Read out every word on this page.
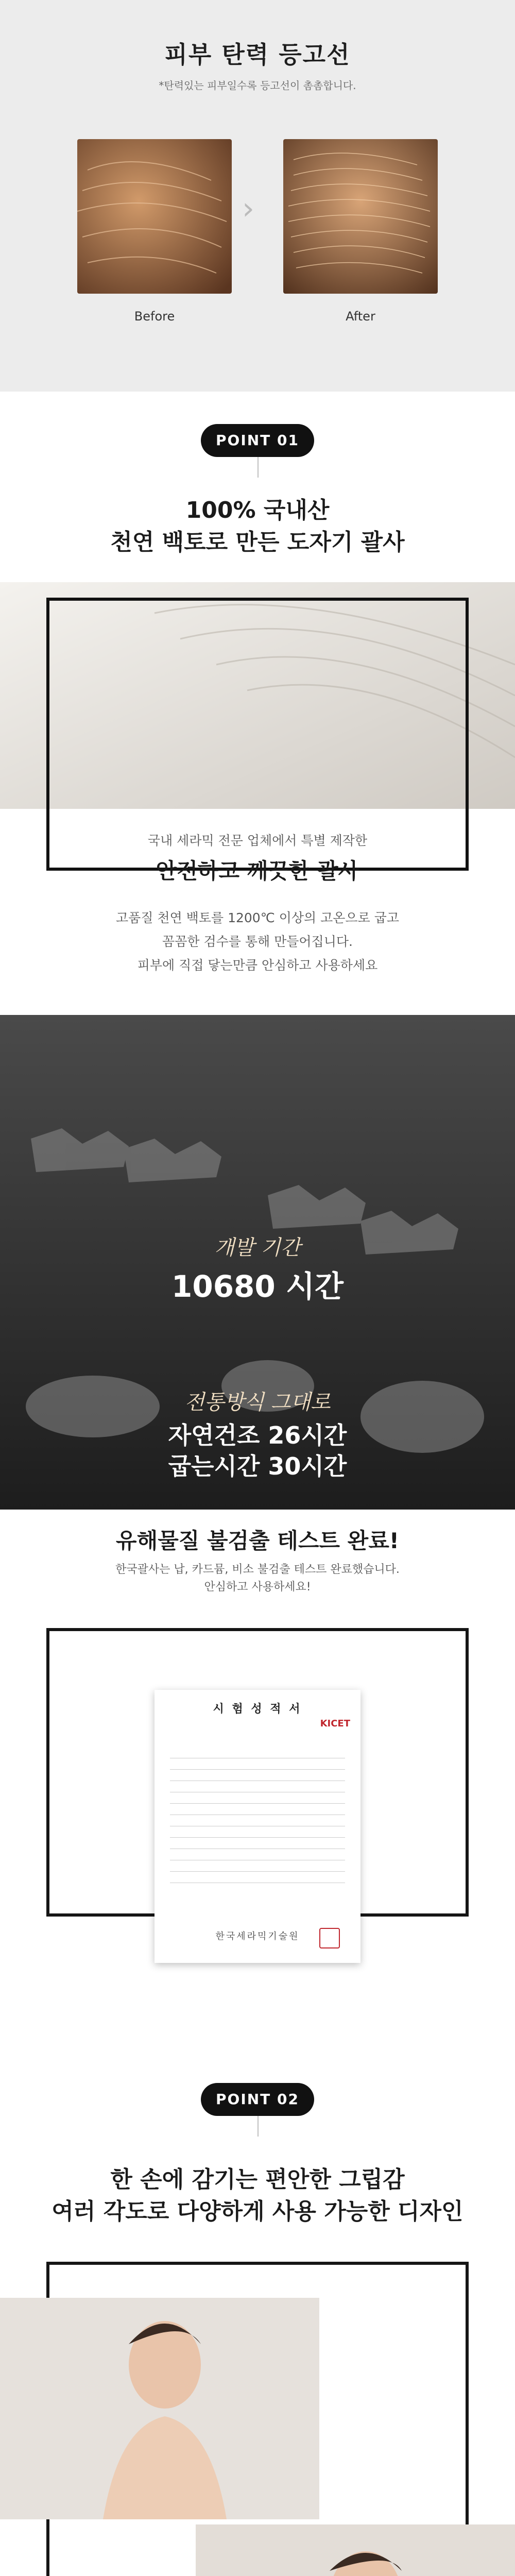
피부 탄력 등고선
*탄력있는 피부일수록 등고선이 촘촘합니다.
›
Before	After
POINT 01
100% 국내산
천연 백토로 만든 도자기 괄사
국내 세라믹 전문 업체에서 특별 제작한
안전하고 깨끗한 괄사
고품질 천연 백토를 1200℃ 이상의 고온으로 굽고
꼼꼼한 검수를 통해 만들어집니다.
피부에 직접 닿는만큼 안심하고 사용하세요
개발 기간
10680 시간
전통방식 그대로
자연건조 26시간
굽는시간 30시간
유해물질 불검출 테스트 완료!
한국괄사는 납, 카드뮴, 비소 불검출 테스트 완료했습니다.
안심하고 사용하세요!
시 험 성 적 서
KICET
한국세라믹기술원
POINT 02
한 손에 감기는 편안한 그립감
여러 각도로 다양하게 사용 가능한 디자인
